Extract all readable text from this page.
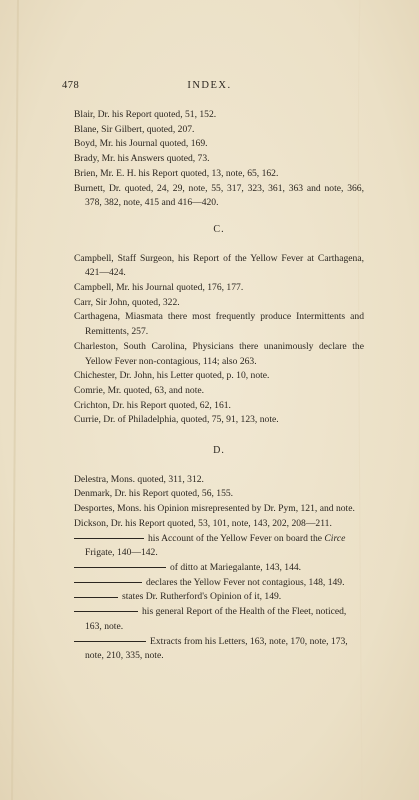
478	INDEX.
Blair, Dr. his Report quoted, 51, 152.
Blane, Sir Gilbert, quoted, 207.
Boyd, Mr. his Journal quoted, 169.
Brady, Mr. his Answers quoted, 73.
Brien, Mr. E. H. his Report quoted, 13, note, 65, 162.
Burnett, Dr. quoted, 24, 29, note, 55, 317, 323, 361, 363 and note, 366, 378, 382, note, 415 and 416—420.
C.
Campbell, Staff Surgeon, his Report of the Yellow Fever at Carthagena, 421—424.
Campbell, Mr. his Journal quoted, 176, 177.
Carr, Sir John, quoted, 322.
Carthagena, Miasmata there most frequently produce Intermittents and Remittents, 257.
Charleston, South Carolina, Physicians there unanimously declare the Yellow Fever non-contagious, 114; also 263.
Chichester, Dr. John, his Letter quoted, p. 10, note.
Comrie, Mr. quoted, 63, and note.
Crichton, Dr. his Report quoted, 62, 161.
Currie, Dr. of Philadelphia, quoted, 75, 91, 123, note.
D.
Delestra, Mons. quoted, 311, 312.
Denmark, Dr. his Report quoted, 56, 155.
Desportes, Mons. his Opinion misrepresented by Dr. Pym, 121, and note.
Dickson, Dr. his Report quoted, 53, 101, note, 143, 202, 208—211.
his Account of the Yellow Fever on board the Circe Frigate, 140—142.
of ditto at Mariegalante, 143, 144.
declares the Yellow Fever not contagious, 148, 149.
states Dr. Rutherford's Opinion of it, 149.
his general Report of the Health of the Fleet, noticed, 163, note.
Extracts from his Letters, 163, note, 170, note, 173, note, 210, 335, note.
